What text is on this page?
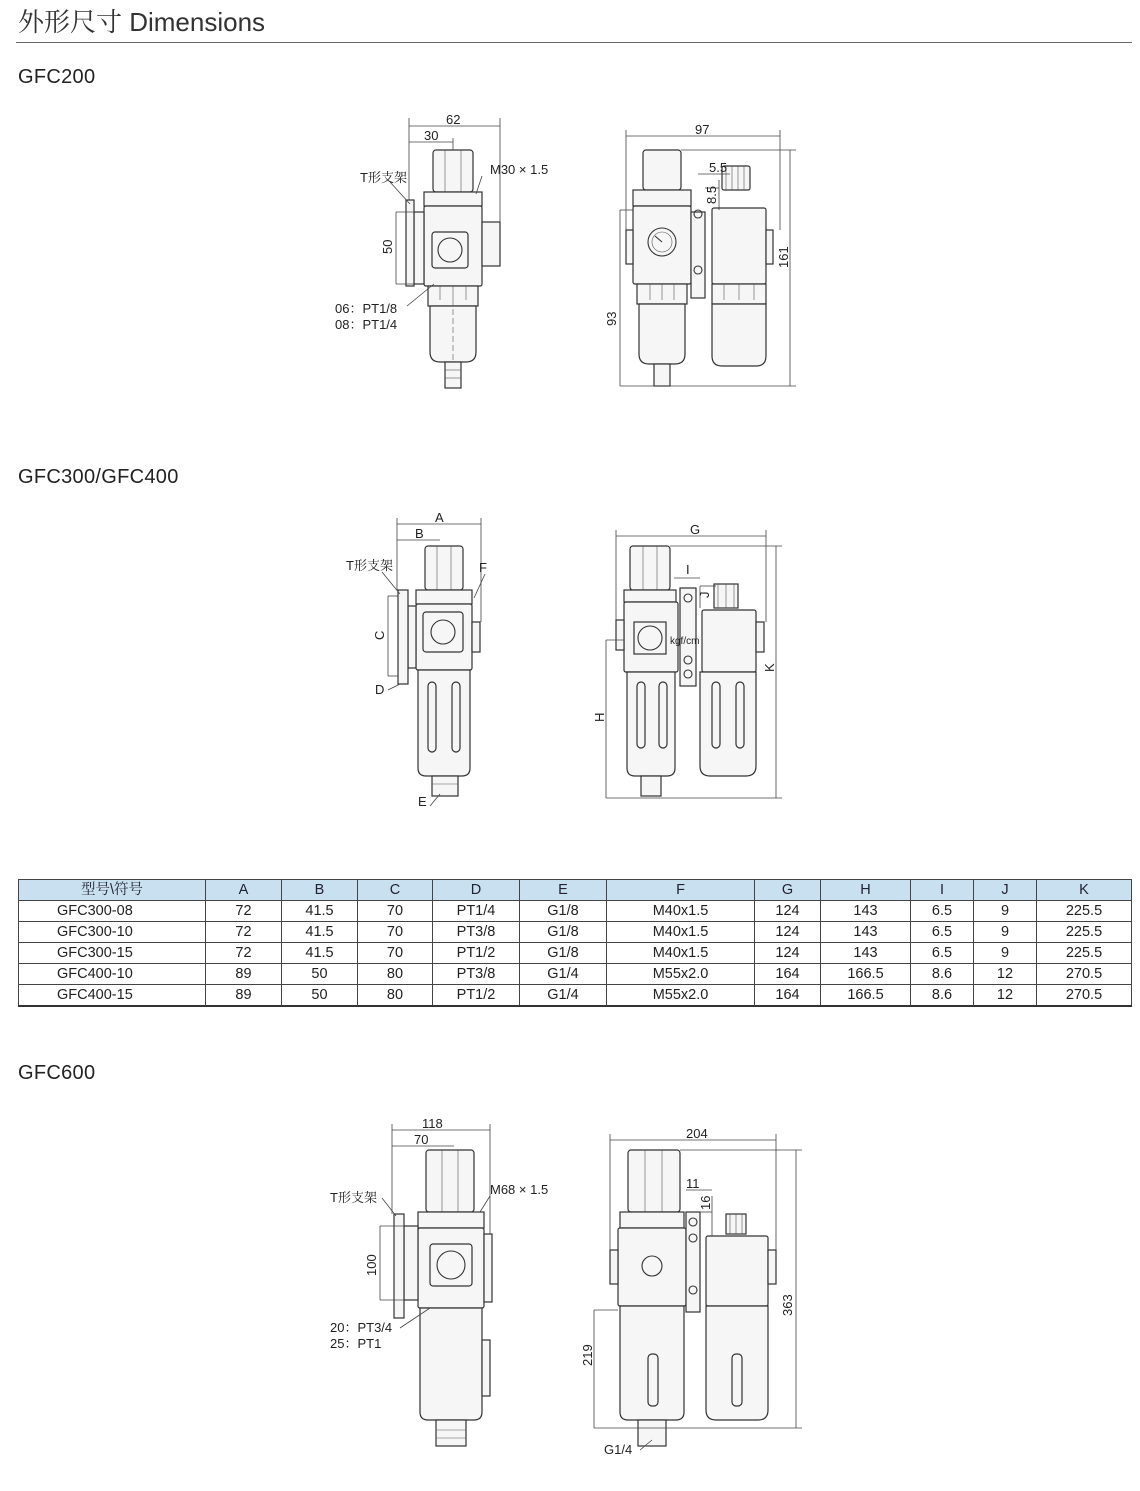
外形尺寸 Dimensions
GFC200
GFC300/GFC400
GFC600
62
30
M30 × 1.5
T形支架
50
06：PT1/8
08：PT1/4
97
5.5
8.5
161
93
A
B
F
T形支架
C
D
E
G
I
J
K
H
kgf/cm
型号\符号	A	B	C	D	E	F	G	H	I	J	K
GFC300-08	72	41.5	70	PT1/4	G1/8	M40x1.5	124	143	6.5	9	225.5
GFC300-10	72	41.5	70	PT3/8	G1/8	M40x1.5	124	143	6.5	9	225.5
GFC300-15	72	41.5	70	PT1/2	G1/8	M40x1.5	124	143	6.5	9	225.5
GFC400-10	89	50	80	PT3/8	G1/4	M55x2.0	164	166.5	8.6	12	270.5
GFC400-15	89	50	80	PT1/2	G1/4	M55x2.0	164	166.5	8.6	12	270.5
118
70
M68 × 1.5
T形支架
100
20：PT3/4
25：PT1
204
11
16
363
219
G1/4
